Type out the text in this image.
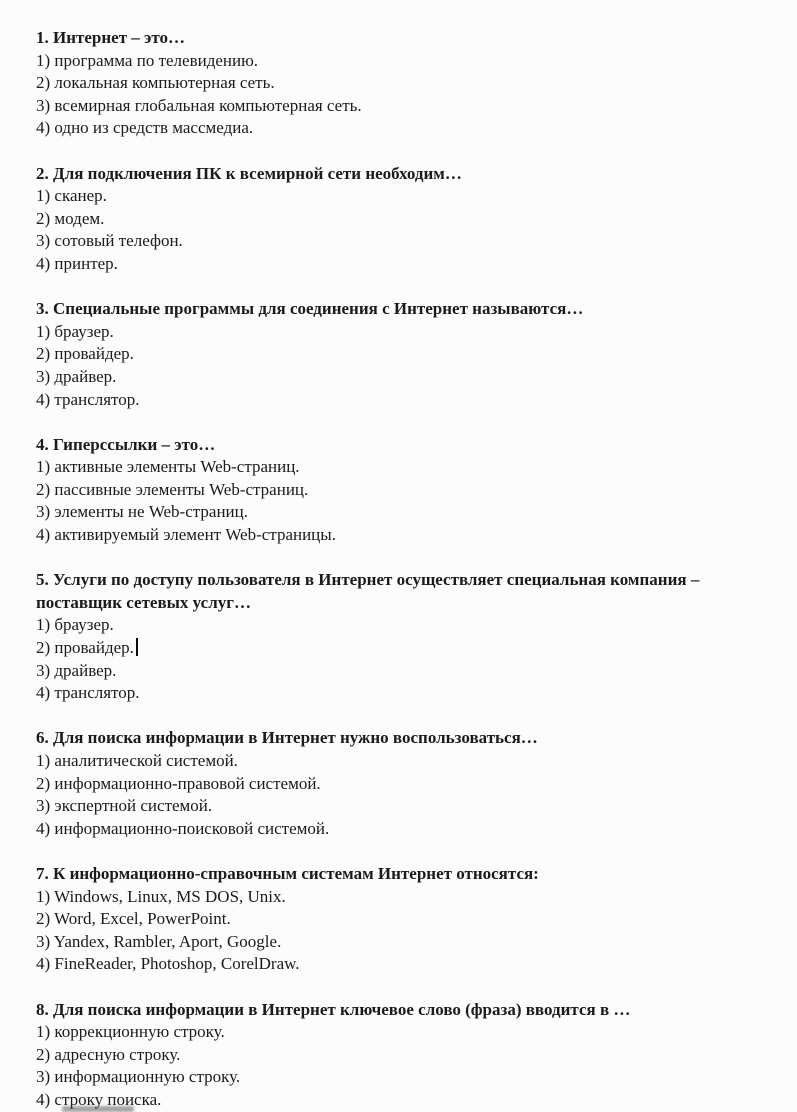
1. Интернет – это…

1) программа по телевидению.

2) локальная компьютерная сеть.

3) всемирная глобальная компьютерная сеть.

4) одно из средств массмедиа.

2. Для подключения ПК к всемирной сети необходим…

1) сканер.

2) модем.

3) сотовый телефон.

4) принтер.

3. Специальные программы для соединения с Интернет называются…

1) браузер.

2) провайдер.

3) драйвер.

4) транслятор.

4. Гиперссылки – это…

1) активные элементы Web-страниц.

2) пассивные элементы Web-страниц.

3) элементы не Web-страниц.

4) активируемый элемент Web-страницы.

5. Услуги по доступу пользователя в Интернет осуществляет специальная компания – поставщик сетевых услуг…

1) браузер.

2) провайдер.

3) драйвер.

4) транслятор.

6. Для поиска информации в Интернет нужно воспользоваться…

1) аналитической системой.

2) информационно-правовой системой.

3) экспертной системой.

4) информационно-поисковой системой.

7. К информационно-справочным системам Интернет относятся:

1) Windows, Linux, MS DOS, Unix.

2) Word, Excel, PowerPoint.

3) Yandex, Rambler, Aport, Google.

4) FineReader, Photoshop, CorelDraw.

8. Для поиска информации в Интернет ключевое слово (фраза) вводится в …

1) коррекционную строку.

2) адресную строку.

3) информационную строку.

4) строку поиска.
